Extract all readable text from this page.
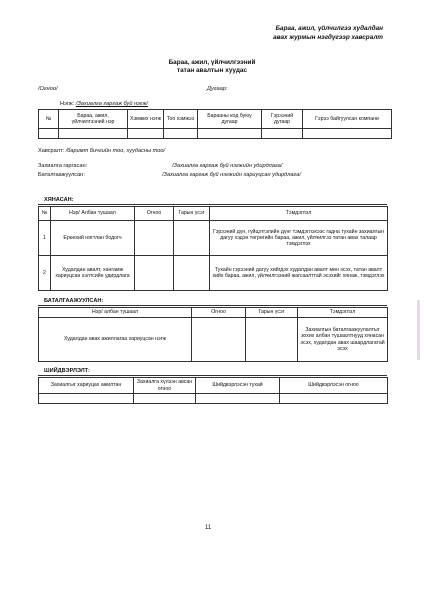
Бараа, ажил, үйлчилгээ худалдан
авах журмын нэгдүгээр хавсралт
Бараа, ажил, үйлчилгээний
татан авалтын хуудас
/Огноо/	Дугаар:
Нэгж: /Захиалга гаргаж буй нэгж/
№	Бараа, ажил, үйлчилгээний нэр	Хэмжих нэгж	Тоо хэмжээ	Барааны код буюу дугаар	Гэрээний дугаар	Гэрээ байгуулсан компани

Хавсралт: /баримт бичгийн тоо, хуудасны тоо/
Захиалга гаргасан:	/Захиалга гаргаж буй нэгжийн удирдлага/
Баталгаажуулсан:	/Захиалга гаргаж буй нэгжийн хариуцсан удирдлага/
ХЯНАСАН:
№	Нэр/ Албан тушаал	Огноо	Гарын үсэг	Тэмдэглэл
1	Ерөнхий нягтлан бодогч			Гэрээний дүн, гүйцэтгэлийн дүнг тэмдэглэхээс гадна тухайн захиалгын дагуу хэдэн төгрөгийн бараа, ажил, үйлчилгээ татан авах талаар тэмдэглэх
2	Худалдан авалт, хангамж хариуцсан хэлтсийн удирдлага			Тухайн гэрээний дагуу хийгдэх худалдан авалт мөн эсэх, татан авалт хийх бараа, ажил, үйлчилгээний жагсаалттай эсэхийг хянаж, тэмдэглэх
БАТАЛГААЖУУЛСАН:
Нэр/ албан тушаал	Огноо	Гарын үсэг	Тэмдэглэл
Худалдан авах ажиллагаа хариуцсан нэгж			Захиалгын баталгаажуулалтыг зохих албан тушаалтнууд хянасан эсэх, худалдан авах шаардлагатай эсэх
ШИЙДВЭРЛЭЛТ:
Захиалгыг хариуцах ажилтан	Захиалга хүлээн авсан огноо	Шийдвэрлэсэн тухай	Шийдвэрлэсэн огноо

11
